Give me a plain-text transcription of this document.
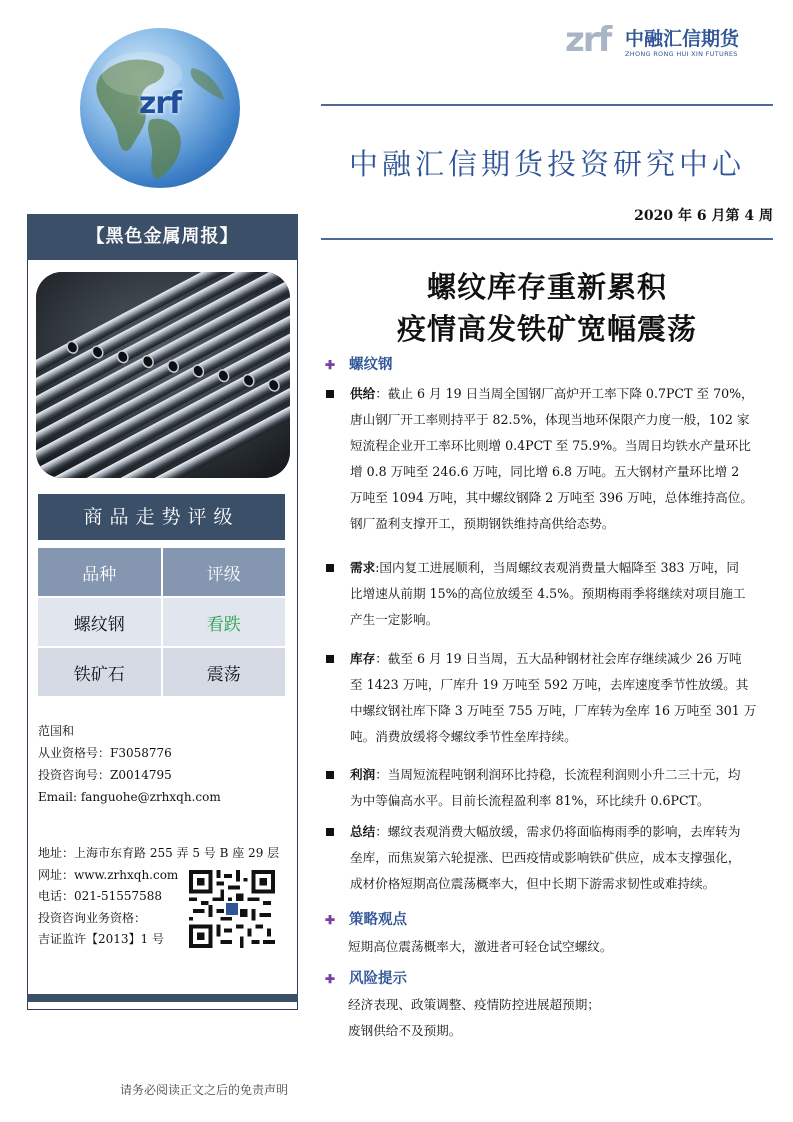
zrf
zrf 中融汇信期货
ZHONG RONG HUI XIN FUTURES
中融汇信期货投资研究中心
2020 年 6 月第 4 周
【黑色金属周报】
商品走势评级
品种	评级
螺纹钢	看跌
铁矿石	震荡
范国和
从业资格号：F3058776
投资咨询号：Z0014795
Email: fanguohe@zrhxqh.com
地址：上海市东育路 255 弄 5 号 B 座 29 层
网址：www.zrhxqh.com
电话：021-51557588
投资咨询业务资格：
吉证监许【2013】1 号
螺纹库存重新累积
疫情高发铁矿宽幅震荡
✚ 螺纹钢
供给：截止 6 月 19 日当周全国钢厂高炉开工率下降 0.7PCT 至 70%，
唐山钢厂开工率则持平于 82.5%，体现当地环保限产力度一般，102 家
短流程企业开工率环比则增 0.4PCT 至 75.9%。当周日均铁水产量环比
增 0.8 万吨至 246.6 万吨，同比增 6.8 万吨。五大钢材产量环比增 2
万吨至 1094 万吨，其中螺纹钢降 2 万吨至 396 万吨，总体维持高位。
钢厂盈利支撑开工，预期钢铁维持高供给态势。
需求:国内复工进展顺利，当周螺纹表观消费量大幅降至 383 万吨，同
比增速从前期 15%的高位放缓至 4.5%。预期梅雨季将继续对项目施工
产生一定影响。
库存：截至 6 月 19 日当周，五大品种钢材社会库存继续减少 26 万吨
至 1423 万吨，厂库升 19 万吨至 592 万吨，去库速度季节性放缓。其
中螺纹钢社库下降 3 万吨至 755 万吨，厂库转为垒库 16 万吨至 301 万
吨。消费放缓将令螺纹季节性垒库持续。
利润：当周短流程吨钢利润环比持稳，长流程利润则小升二三十元，均
为中等偏高水平。目前长流程盈利率 81%，环比续升 0.6PCT。
总结：螺纹表观消费大幅放缓，需求仍将面临梅雨季的影响，去库转为
垒库，而焦炭第六轮提涨、巴西疫情或影响铁矿供应，成本支撑强化，
成材价格短期高位震荡概率大，但中长期下游需求韧性或难持续。
✚ 策略观点
短期高位震荡概率大，激进者可轻仓试空螺纹。
✚ 风险提示
经济表现、政策调整、疫情防控进展超预期；
废钢供给不及预期。
请务必阅读正文之后的免责声明
